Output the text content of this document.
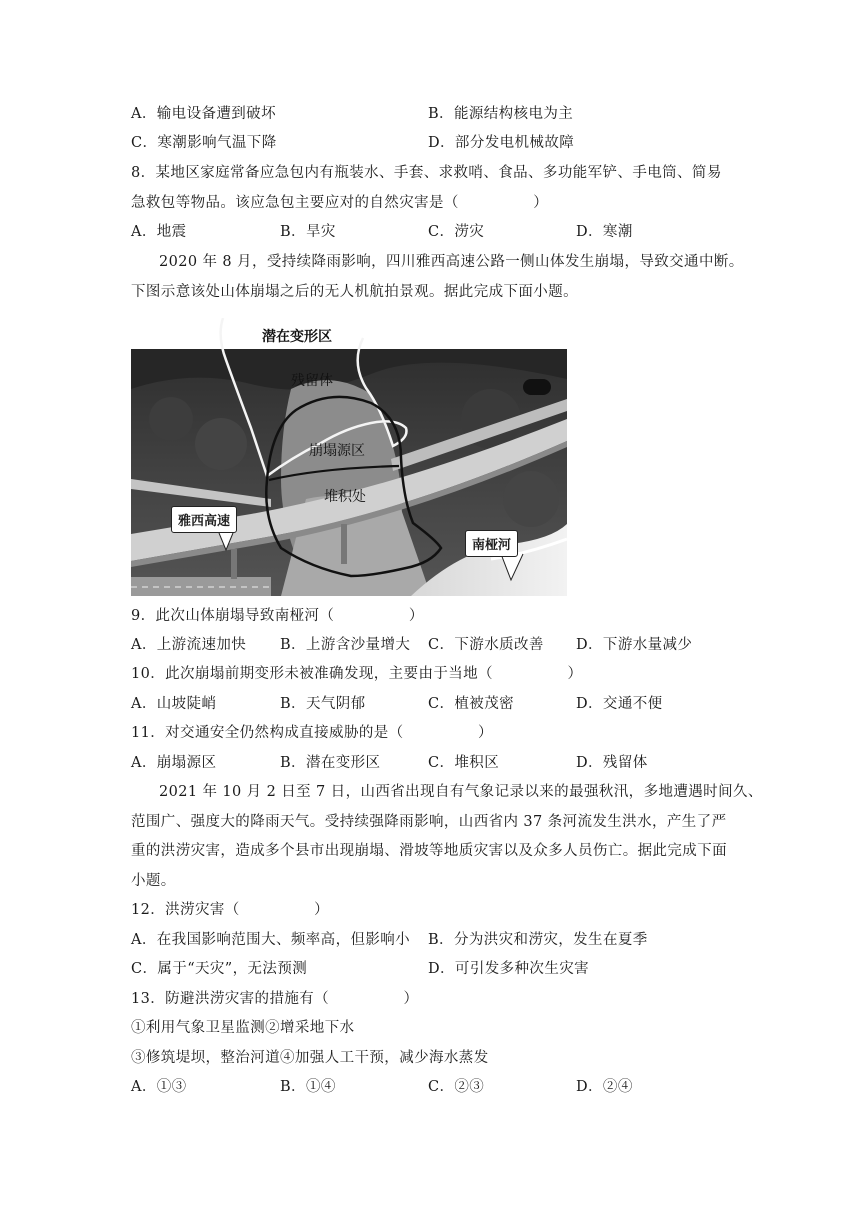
A．输电设备遭到破坏	B．能源结构核电为主
C．寒潮影响气温下降	D．部分发电机械故障
8．某地区家庭常备应急包内有瓶装水、手套、求救哨、食品、多功能军铲、手电筒、简易
急救包等物品。该应急包主要应对的自然灾害是（　　　　　）
A．地震	B．旱灾	C．涝灾	D．寒潮
2020 年 8 月，受持续降雨影响，四川雅西高速公路一侧山体发生崩塌，导致交通中断。
下图示意该处山体崩塌之后的无人机航拍景观。据此完成下面小题。
潜在变形区
残留体
崩塌源区
堆积处
雅西高速
南桠河
9．此次山体崩塌导致南桠河（　　　　　）
A．上游流速加快 B．上游含沙量增大 C．下游水质改善 D．下游水量减少
10．此次崩塌前期变形未被准确发现，主要由于当地（　　　　　）
A．山坡陡峭	B．天气阴郁	C．植被茂密	D．交通不便
11．对交通安全仍然构成直接威胁的是（　　　　　）
A．崩塌源区	B．潜在变形区	C．堆积区	D．残留体
2021 年 10 月 2 日至 7 日，山西省出现自有气象记录以来的最强秋汛，多地遭遇时间久、
范围广、强度大的降雨天气。受持续强降雨影响，山西省内 37 条河流发生洪水，产生了严
重的洪涝灾害，造成多个县市出现崩塌、滑坡等地质灾害以及众多人员伤亡。据此完成下面
小题。
12．洪涝灾害（　　　　　）
A．在我国影响范围大、频率高，但影响小 B．分为洪灾和涝灾，发生在夏季
C．属于“天灾”，无法预测	D．可引发多种次生灾害
13．防避洪涝灾害的措施有（　　　　　）
①利用气象卫星监测②增采地下水
③修筑堤坝，整治河道④加强人工干预，减少海水蒸发
A．①③	B．①④	C．②③	D．②④
